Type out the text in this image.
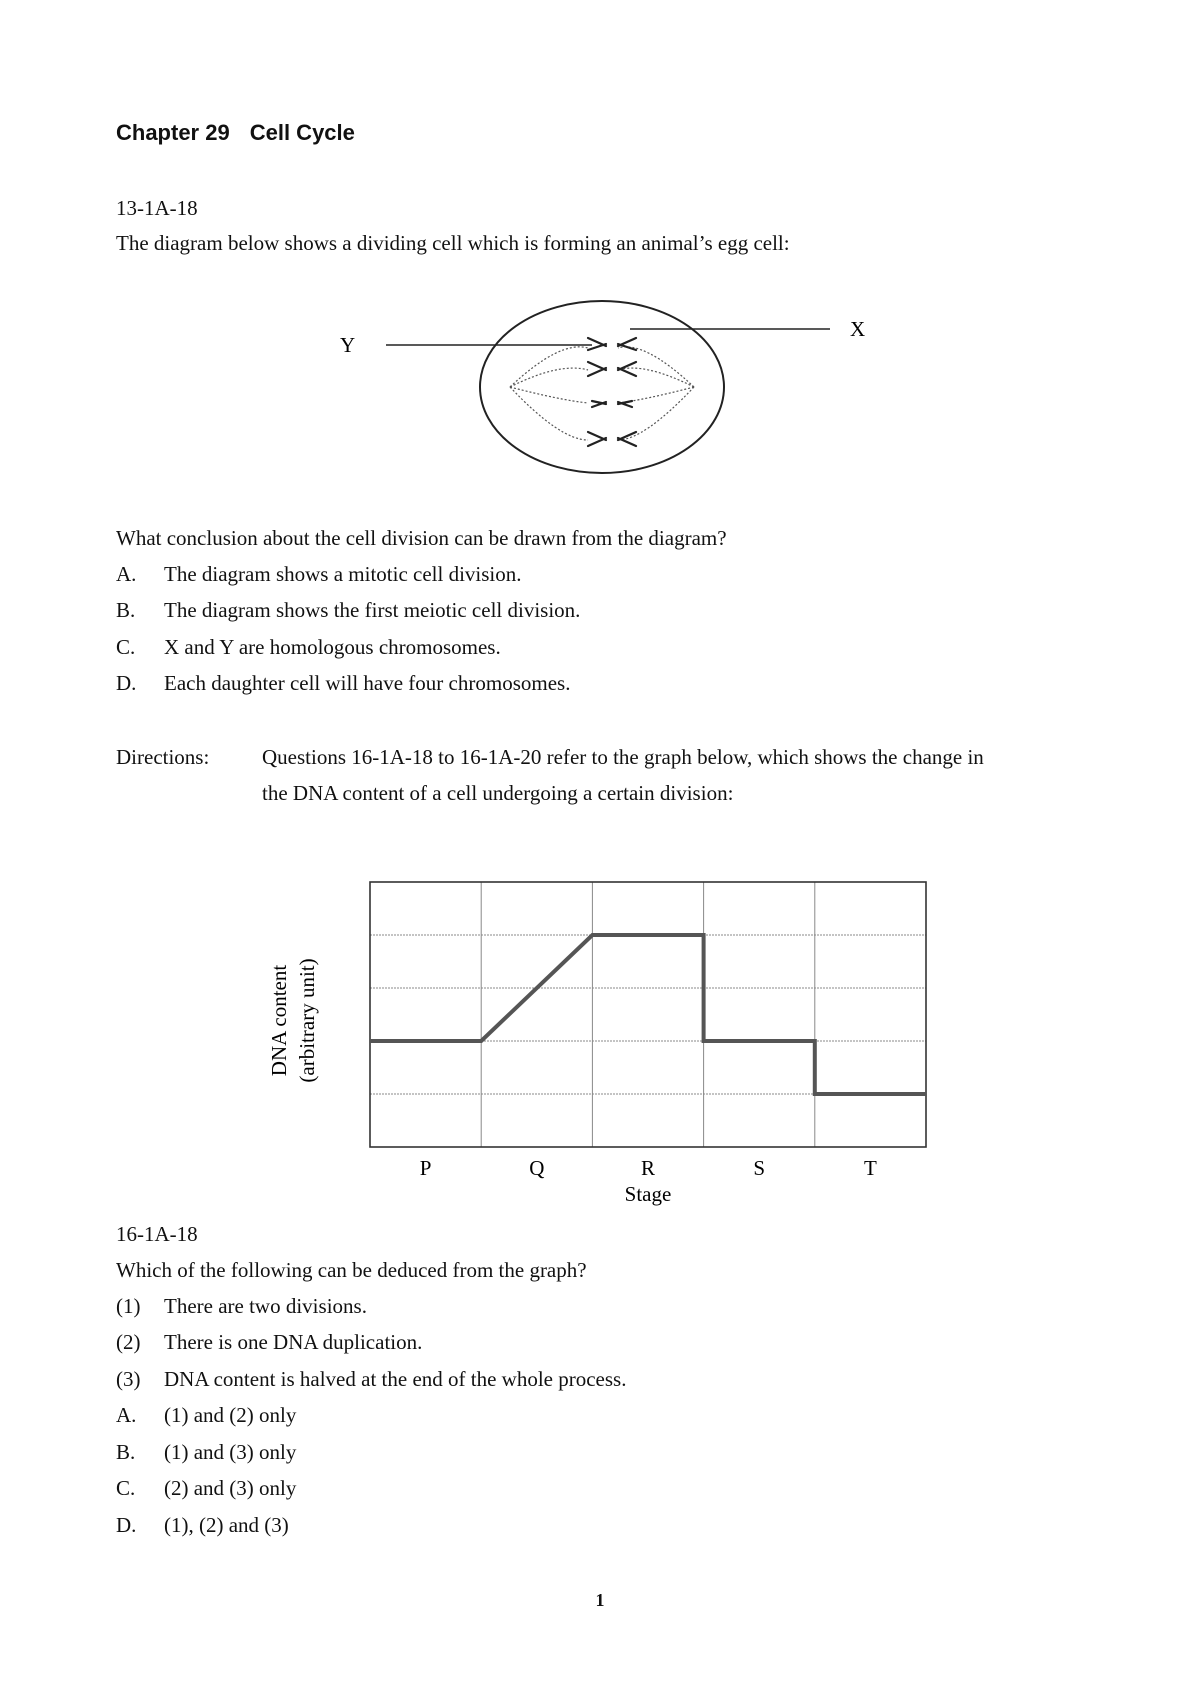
Chapter 29 Cell Cycle
13-1A-18
The diagram below shows a dividing cell which is forming an animal’s egg cell:
Y
X
What conclusion about the cell division can be drawn from the diagram?
A. The diagram shows a mitotic cell division.
B. The diagram shows the first meiotic cell division.
C. X and Y are homologous chromosomes.
D. Each daughter cell will have four chromosomes.
Directions:	Questions 16-1A-18 to 16-1A-20 refer to the graph below, which shows the change in
the DNA content of a cell undergoing a certain division:
P	Q	R	S	T
Stage
DNA content (arbitrary unit)
16-1A-18
Which of the following can be deduced from the graph?
(1) There are two divisions.
(2) There is one DNA duplication.
(3) DNA content is halved at the end of the whole process.
A. (1) and (2) only
B. (1) and (3) only
C. (2) and (3) only
D. (1), (2) and (3)
1
